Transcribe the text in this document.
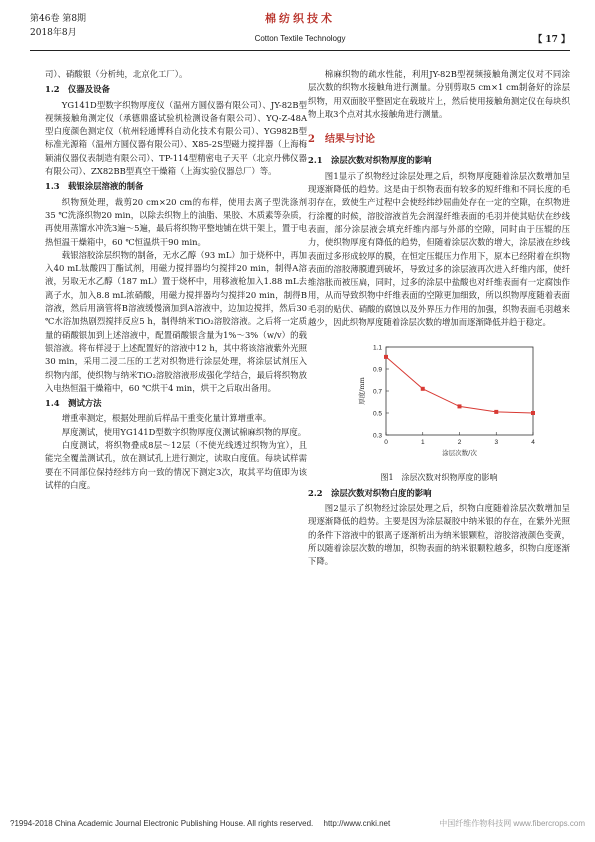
第46卷 第8期
2018年8月
棉纺织技术
Cotton Textile Technology	【 17 】

司）、硝酸银（分析纯，北京化工厂）。

1.2　仪器及设备

YG141D型数字织物厚度仪（温州方圆仪器有限公司）、JY-82B型视频接触角测定仪（承德鼎盛试验机检测设备有限公司）、YQ-Z-48A型白度颜色测定仪（杭州轻通博科自动化技术有限公司）、YG982B型标准光源箱（温州方圆仪器有限公司）、X85-2S型磁力搅拌器（上海梅颖浦仪器仪表制造有限公司）、TP-114型精密电子天平（北京丹佛仪器有限公司）、ZX82BB型真空干燥箱（上海实验仪器总厂）等。

1.3　载银涂层溶液的制备

织物预处理，裁剪20 cm×20 cm的布样，使用去离子型洗涤剂35 ℃洗涤织物20 min，以除去织物上的油脂、果胶、木质素等杂质，再使用蒸馏水冲洗3遍～5遍，最后将织物平整地铺在烘干架上，置于电热恒温干燥箱中，60 ℃恒温烘干90 min。

载银溶胶涂层织物的制备，无水乙醇（93 mL）加于烧杯中，再加入40 mL钛酸四丁酯试剂，用磁力搅拌器均匀搅拌20 min，制得A溶液，另取无水乙醇（187 mL）置于烧杯中，用移液枪加入1.88 mL去离子水，加入8.8 mL浓硝酸，用磁力搅拌器均匀搅拌20 min，制得B溶液，然后用滴管将B溶液缓慢滴加到A溶液中，边加边搅拌，然后30 ℃水浴加热剧烈搅拌反应5 h，制得纳米TiO₂溶胶溶液。之后将一定质量的硝酸银加到上述溶液中，配置硝酸银含量为1%～3%（w/v）的载银溶液。将布样浸于上述配置好的溶液中12 h，其中将该溶液紫外光照30 min，采用二浸二压的工艺对织物进行涂层处理，将涂层试剂压入织物内部，使织物与纳米TiO₂溶胶溶液形成强化学结合，最后将织物放入电热恒温干燥箱中，60 ℃烘干4 min，烘干之后取出备用。

1.4　测试方法

增重率测定，根据处理前后样品干重变化量计算增重率。

厚度测试，使用YG141D型数字织物厚度仪测试棉麻织物的厚度。

白度测试，将织物叠成8层～12层（不使光线透过织物为宜），且能完全覆盖测试孔，放在测试孔上进行测定，读取白度值。每块试样需要在不同部位保持经纬方向一致的情况下测定3次，取其平均值即为该试样的白度。

棉麻织物的疏水性能，利用JY-82B型视频接触角测定仪对不同涂层次数的织物水接触角进行测量。分别剪取5 cm×1 cm制备好的涂层织物，用双面胶平整固定在载玻片上，然后使用接触角测定仪在每块织物上取3个点对其水接触角进行测量。

2　结果与讨论

2.1　涂层次数对织物厚度的影响

图1显示了织物经过涂层处理之后，织物厚度随着涂层次数增加呈现逐渐降低的趋势。这是由于织物表面有较多的短纤维和不同长度的毛羽存在，致使生产过程中会使经纬纱屈曲处存在一定的空隙，在织物进行涂覆的时候，溶胶溶液首先会润湿纤维表面的毛羽并使其贴伏在纱线表面，部分涂层液会填充纤维内部与外部的空隙，同时由于压辊的压力，使织物厚度有降低的趋势，但随着涂层次数的增大，涂层液在纱线表面过多形成较厚的膜，在恒定压辊压力作用下，原本已经附着在织物表面的溶胶薄膜遭到破坏，导致过多的涂层液再次进入纤维内部，使纤维溶胀而被压扁，同时，过多的涂层中盐酸也对纤维表面有一定腐蚀作用，从而导致织物中纤维表面的空隙更加细致，所以织物厚度随着表面毛羽的贴伏、硝酸的腐蚀以及外界压力作用的加强，织物表面毛羽越来越少，因此织物厚度随着涂层次数的增加而逐渐降低并趋于稳定。

0.3
0.5
0.7
0.9
1.1
0	1	2	3	4
厚度/mm
涂层次数/次

图1　涂层次数对织物厚度的影响

2.2　涂层次数对织物白度的影响

图2显示了织物经过涂层处理之后，织物白度随着涂层次数增加呈现逐渐降低的趋势。主要是因为涂层凝胶中纳米银的存在，在紫外光照的条件下溶液中的银离子逐渐析出为纳米银颗粒，溶胶溶液颜色变黄，所以随着涂层次数的增加，织物表面的纳米银颗粒越多，织物白度逐渐下降。

?1994-2018 China Academic Journal Electronic Publishing House. All rights reserved.　 http://www.cnki.net	中国纤维作物科技网 www.fibercrops.com
